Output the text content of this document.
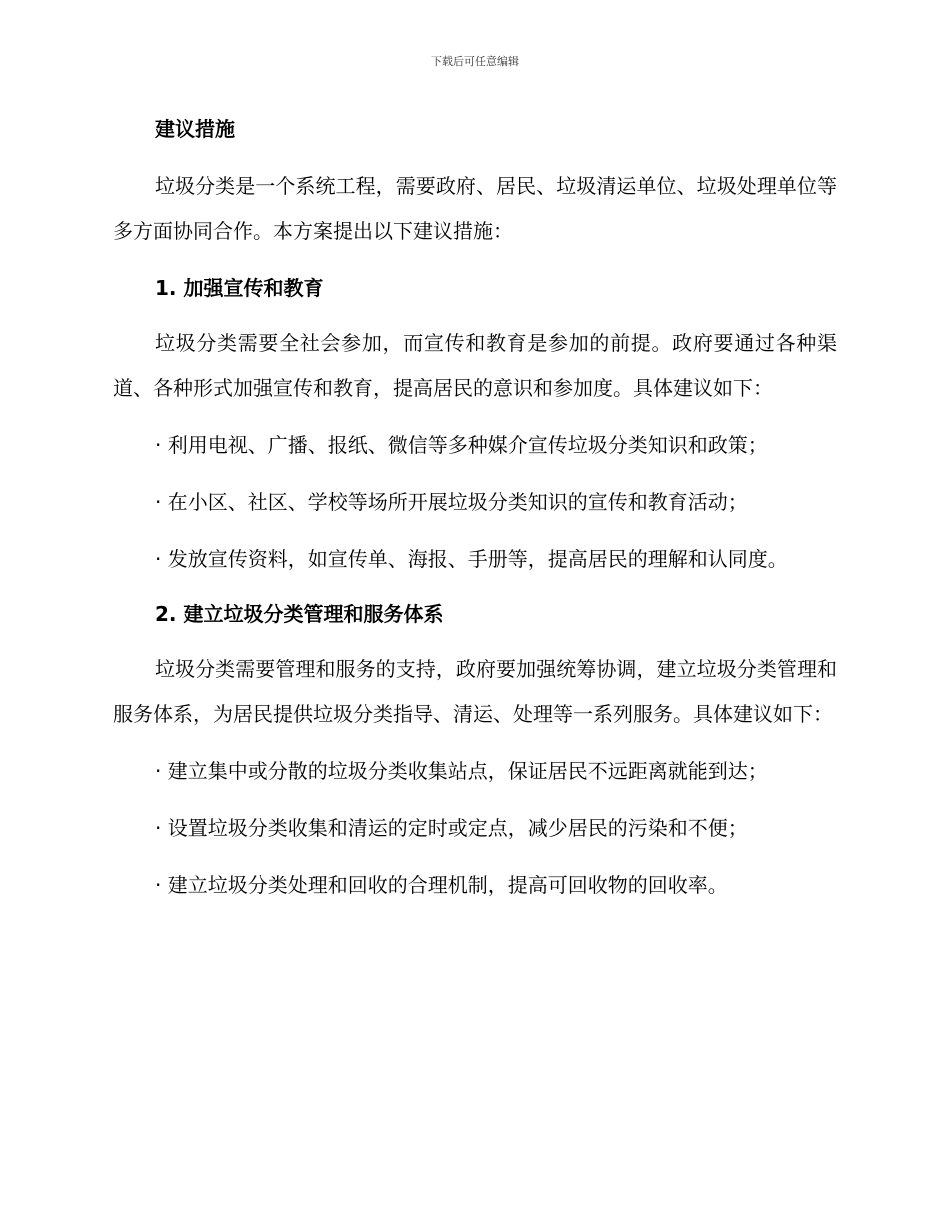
下载后可任意编辑
建议措施

垃圾分类是一个系统工程，需要政府、居民、垃圾清运单位、垃圾处理单位等多方面协同合作。本方案提出以下建议措施：

1. 加强宣传和教育

垃圾分类需要全社会参加，而宣传和教育是参加的前提。政府要通过各种渠道、各种形式加强宣传和教育，提高居民的意识和参加度。具体建议如下：

· 利用电视、广播、报纸、微信等多种媒介宣传垃圾分类知识和政策；

· 在小区、社区、学校等场所开展垃圾分类知识的宣传和教育活动；

· 发放宣传资料，如宣传单、海报、手册等，提高居民的理解和认同度。

2. 建立垃圾分类管理和服务体系

垃圾分类需要管理和服务的支持，政府要加强统筹协调，建立垃圾分类管理和服务体系，为居民提供垃圾分类指导、清运、处理等一系列服务。具体建议如下：

· 建立集中或分散的垃圾分类收集站点，保证居民不远距离就能到达；

· 设置垃圾分类收集和清运的定时或定点，减少居民的污染和不便；

· 建立垃圾分类处理和回收的合理机制，提高可回收物的回收率。
